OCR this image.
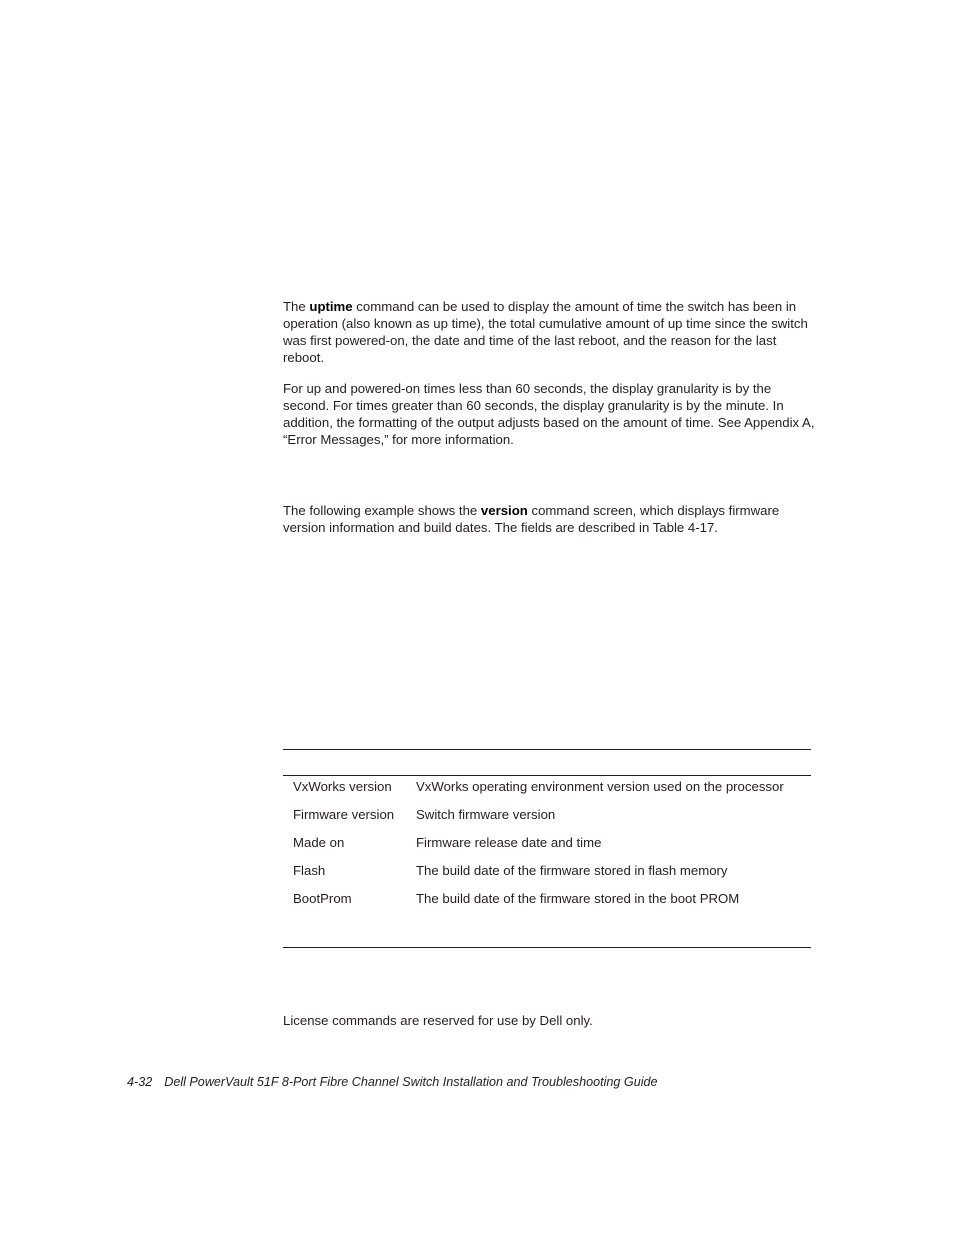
The uptime command can be used to display the amount of time the switch has been in operation (also known as up time), the total cumulative amount of up time since the switch was first powered-on, the date and time of the last reboot, and the reason for the last reboot.

For up and powered-on times less than 60 seconds, the display granularity is by the second. For times greater than 60 seconds, the display granularity is by the minute. In addition, the formatting of the output adjusts based on the amount of time. See Appendix A, “Error Messages,” for more information.

The following example shows the version command screen, which displays firmware version information and build dates. The fields are described in Table 4-17.

VxWorks version	VxWorks operating environment version used on the processor
Firmware version	Switch firmware version
Made on	Firmware release date and time
Flash	The build date of the firmware stored in flash memory
BootProm	The build date of the firmware stored in the boot PROM

License commands are reserved for use by Dell only.

4-32 Dell PowerVault 51F 8-Port Fibre Channel Switch Installation and Troubleshooting Guide
